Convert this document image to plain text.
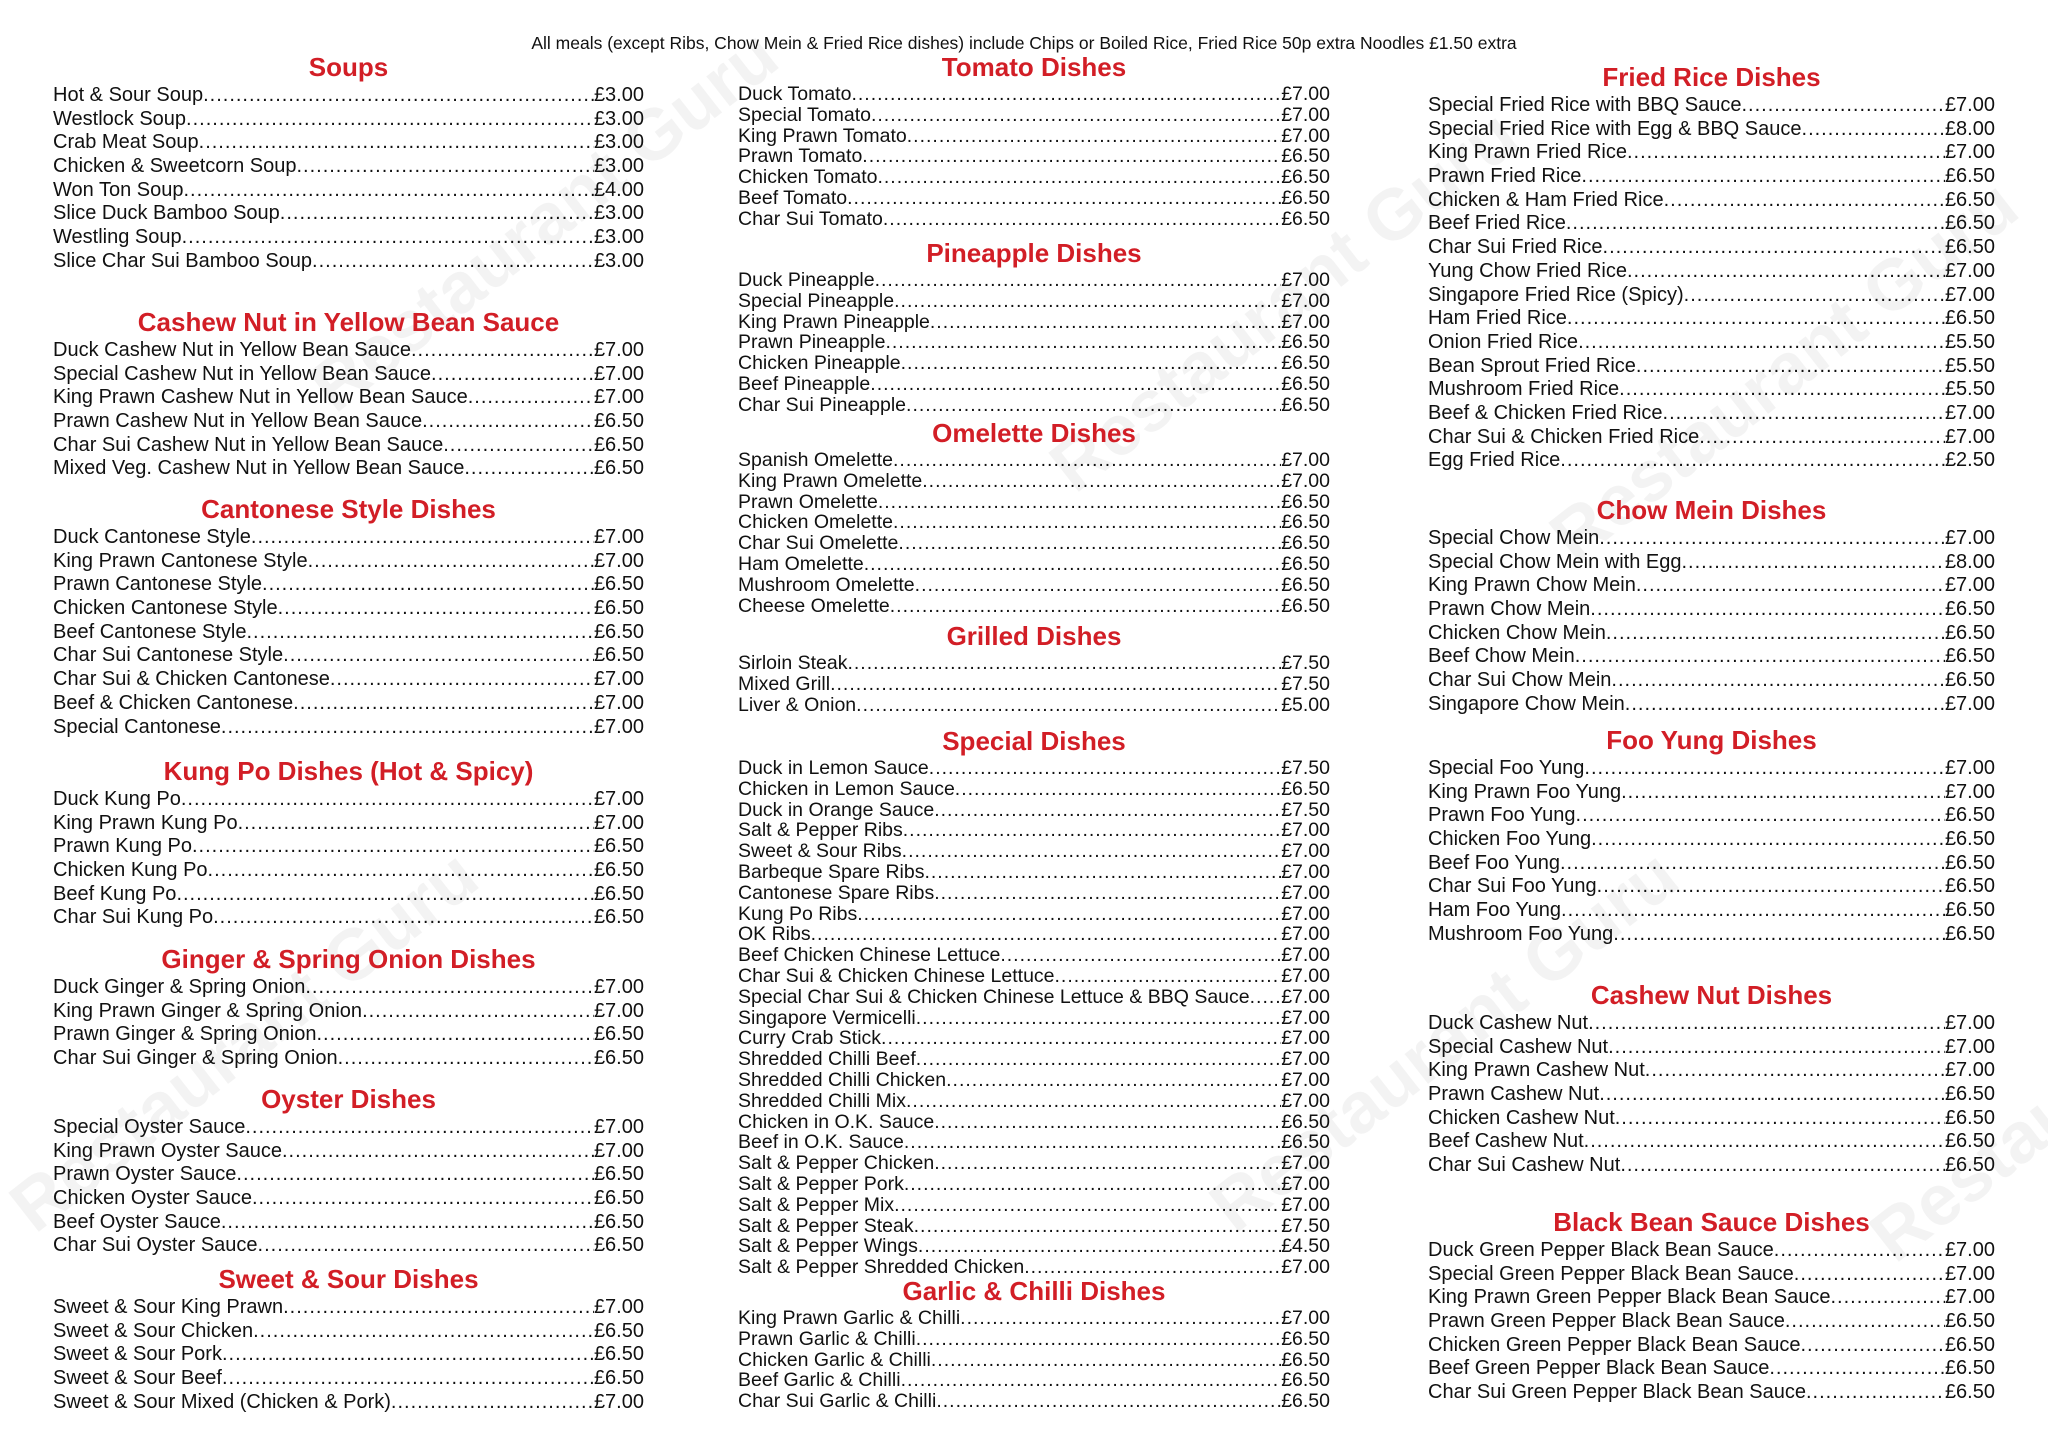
All meals (except Ribs, Chow Mein & Fried Rice dishes) include Chips or Boiled Rice, Fried Rice 50p extra Noodles £1.50 extra

Soups
Hot & Sour Soup .....	£3.00
Westlock Soup .....	£3.00
Crab Meat Soup .....	£3.00
Chicken & Sweetcorn Soup .....	£3.00
Won Ton Soup .....	£4.00
Slice Duck Bamboo Soup .....	£3.00
Westling Soup .....	£3.00
Slice Char Sui Bamboo Soup .....	£3.00
Cashew Nut in Yellow Bean Sauce
Duck Cashew Nut in Yellow Bean Sauce .....	£7.00
Special Cashew Nut in Yellow Bean Sauce .....	£7.00
King Prawn Cashew Nut in Yellow Bean Sauce .....	£7.00
Prawn Cashew Nut in Yellow Bean Sauce .....	£6.50
Char Sui Cashew Nut in Yellow Bean Sauce .....	£6.50
Mixed Veg. Cashew Nut in Yellow Bean Sauce .....	£6.50
Cantonese Style Dishes
Duck Cantonese Style .....	£7.00
King Prawn Cantonese Style .....	£7.00
Prawn Cantonese Style .....	£6.50
Chicken Cantonese Style .....	£6.50
Beef Cantonese Style .....	£6.50
Char Sui Cantonese Style .....	£6.50
Char Sui & Chicken Cantonese .....	£7.00
Beef & Chicken Cantonese .....	£7.00
Special Cantonese .....	£7.00
Kung Po Dishes (Hot & Spicy)
Duck Kung Po .....	£7.00
King Prawn Kung Po .....	£7.00
Prawn Kung Po .....	£6.50
Chicken Kung Po .....	£6.50
Beef Kung Po .....	£6.50
Char Sui Kung Po .....	£6.50
Ginger & Spring Onion Dishes
Duck Ginger & Spring Onion .....	£7.00
King Prawn Ginger & Spring Onion .....	£7.00
Prawn Ginger & Spring Onion .....	£6.50
Char Sui Ginger & Spring Onion .....	£6.50
Oyster Dishes
Special Oyster Sauce .....	£7.00
King Prawn Oyster Sauce .....	£7.00
Prawn Oyster Sauce .....	£6.50
Chicken Oyster Sauce .....	£6.50
Beef Oyster Sauce .....	£6.50
Char Sui Oyster Sauce .....	£6.50
Sweet & Sour Dishes
Sweet & Sour King Prawn .....	£7.00
Sweet & Sour Chicken .....	£6.50
Sweet & Sour Pork .....	£6.50
Sweet & Sour Beef .....	£6.50
Sweet & Sour Mixed (Chicken & Pork) .....	£7.00
Tomato Dishes
Duck Tomato .....	£7.00
Special Tomato .....	£7.00
King Prawn Tomato .....	£7.00
Prawn Tomato .....	£6.50
Chicken Tomato .....	£6.50
Beef Tomato .....	£6.50
Char Sui Tomato .....	£6.50
Pineapple Dishes
Duck Pineapple .....	£7.00
Special Pineapple .....	£7.00
King Prawn Pineapple .....	£7.00
Prawn Pineapple .....	£6.50
Chicken Pineapple .....	£6.50
Beef Pineapple .....	£6.50
Char Sui Pineapple .....	£6.50
Omelette Dishes
Spanish Omelette .....	£7.00
King Prawn Omelette .....	£7.00
Prawn Omelette .....	£6.50
Chicken Omelette .....	£6.50
Char Sui Omelette .....	£6.50
Ham Omelette .....	£6.50
Mushroom Omelette .....	£6.50
Cheese Omelette .....	£6.50
Grilled Dishes
Sirloin Steak .....	£7.50
Mixed Grill .....	£7.50
Liver & Onion .....	£5.00
Special Dishes
Duck in Lemon Sauce .....	£7.50
Chicken in Lemon Sauce .....	£6.50
Duck in Orange Sauce .....	£7.50
Salt & Pepper Ribs .....	£7.00
Sweet & Sour Ribs .....	£7.00
Barbeque Spare Ribs .....	£7.00
Cantonese Spare Ribs .....	£7.00
Kung Po Ribs .....	£7.00
OK Ribs .....	£7.00
Beef Chicken Chinese Lettuce .....	£7.00
Char Sui & Chicken Chinese Lettuce .....	£7.00
Special Char Sui & Chicken Chinese Lettuce & BBQ Sauce ..... £7.00
Singapore Vermicelli .....	£7.00
Curry Crab Stick .....	£7.00
Shredded Chilli Beef .....	£7.00
Shredded Chilli Chicken .....	£7.00
Shredded Chilli Mix .....	£7.00
Chicken in O.K. Sauce .....	£6.50
Beef in O.K. Sauce .....	£6.50
Salt & Pepper Chicken .....	£7.00
Salt & Pepper Pork .....	£7.00
Salt & Pepper Mix .....	£7.00
Salt & Pepper Steak .....	£7.50
Salt & Pepper Wings .....	£4.50
Salt & Pepper Shredded Chicken .....	£7.00
Garlic & Chilli Dishes
King Prawn Garlic & Chilli .....	£7.00
Prawn Garlic & Chilli .....	£6.50
Chicken Garlic & Chilli .....	£6.50
Beef Garlic & Chilli .....	£6.50
Char Sui Garlic & Chilli .....	£6.50
Fried Rice Dishes
Special Fried Rice with BBQ Sauce .....	£7.00
Special Fried Rice with Egg & BBQ Sauce .....	£8.00
King Prawn Fried Rice .....	£7.00
Prawn Fried Rice .....	£6.50
Chicken & Ham Fried Rice .....	£6.50
Beef Fried Rice .....	£6.50
Char Sui Fried Rice .....	£6.50
Yung Chow Fried Rice .....	£7.00
Singapore Fried Rice (Spicy) .....	£7.00
Ham Fried Rice .....	£6.50
Onion Fried Rice .....	£5.50
Bean Sprout Fried Rice .....	£5.50
Mushroom Fried Rice .....	£5.50
Beef & Chicken Fried Rice .....	£7.00
Char Sui & Chicken Fried Rice .....	£7.00
Egg Fried Rice .....	£2.50
Chow Mein Dishes
Special Chow Mein .....	£7.00
Special Chow Mein with Egg .....	£8.00
King Prawn Chow Mein .....	£7.00
Prawn Chow Mein .....	£6.50
Chicken Chow Mein .....	£6.50
Beef Chow Mein .....	£6.50
Char Sui Chow Mein .....	£6.50
Singapore Chow Mein .....	£7.00
Foo Yung Dishes
Special Foo Yung .....	£7.00
King Prawn Foo Yung .....	£7.00
Prawn Foo Yung .....	£6.50
Chicken Foo Yung .....	£6.50
Beef Foo Yung .....	£6.50
Char Sui Foo Yung .....	£6.50
Ham Foo Yung .....	£6.50
Mushroom Foo Yung .....	£6.50
Cashew Nut Dishes
Duck Cashew Nut .....	£7.00
Special Cashew Nut .....	£7.00
King Prawn Cashew Nut .....	£7.00
Prawn Cashew Nut .....	£6.50
Chicken Cashew Nut .....	£6.50
Beef Cashew Nut .....	£6.50
Char Sui Cashew Nut .....	£6.50
Black Bean Sauce Dishes
Duck Green Pepper Black Bean Sauce .....	£7.00
Special Green Pepper Black Bean Sauce .....	£7.00
King Prawn Green Pepper Black Bean Sauce .....	£7.00
Prawn Green Pepper Black Bean Sauce .....	£6.50
Chicken Green Pepper Black Bean Sauce .....	£6.50
Beef Green Pepper Black Bean Sauce .....	£6.50
Char Sui Green Pepper Black Bean Sauce .....	£6.50
